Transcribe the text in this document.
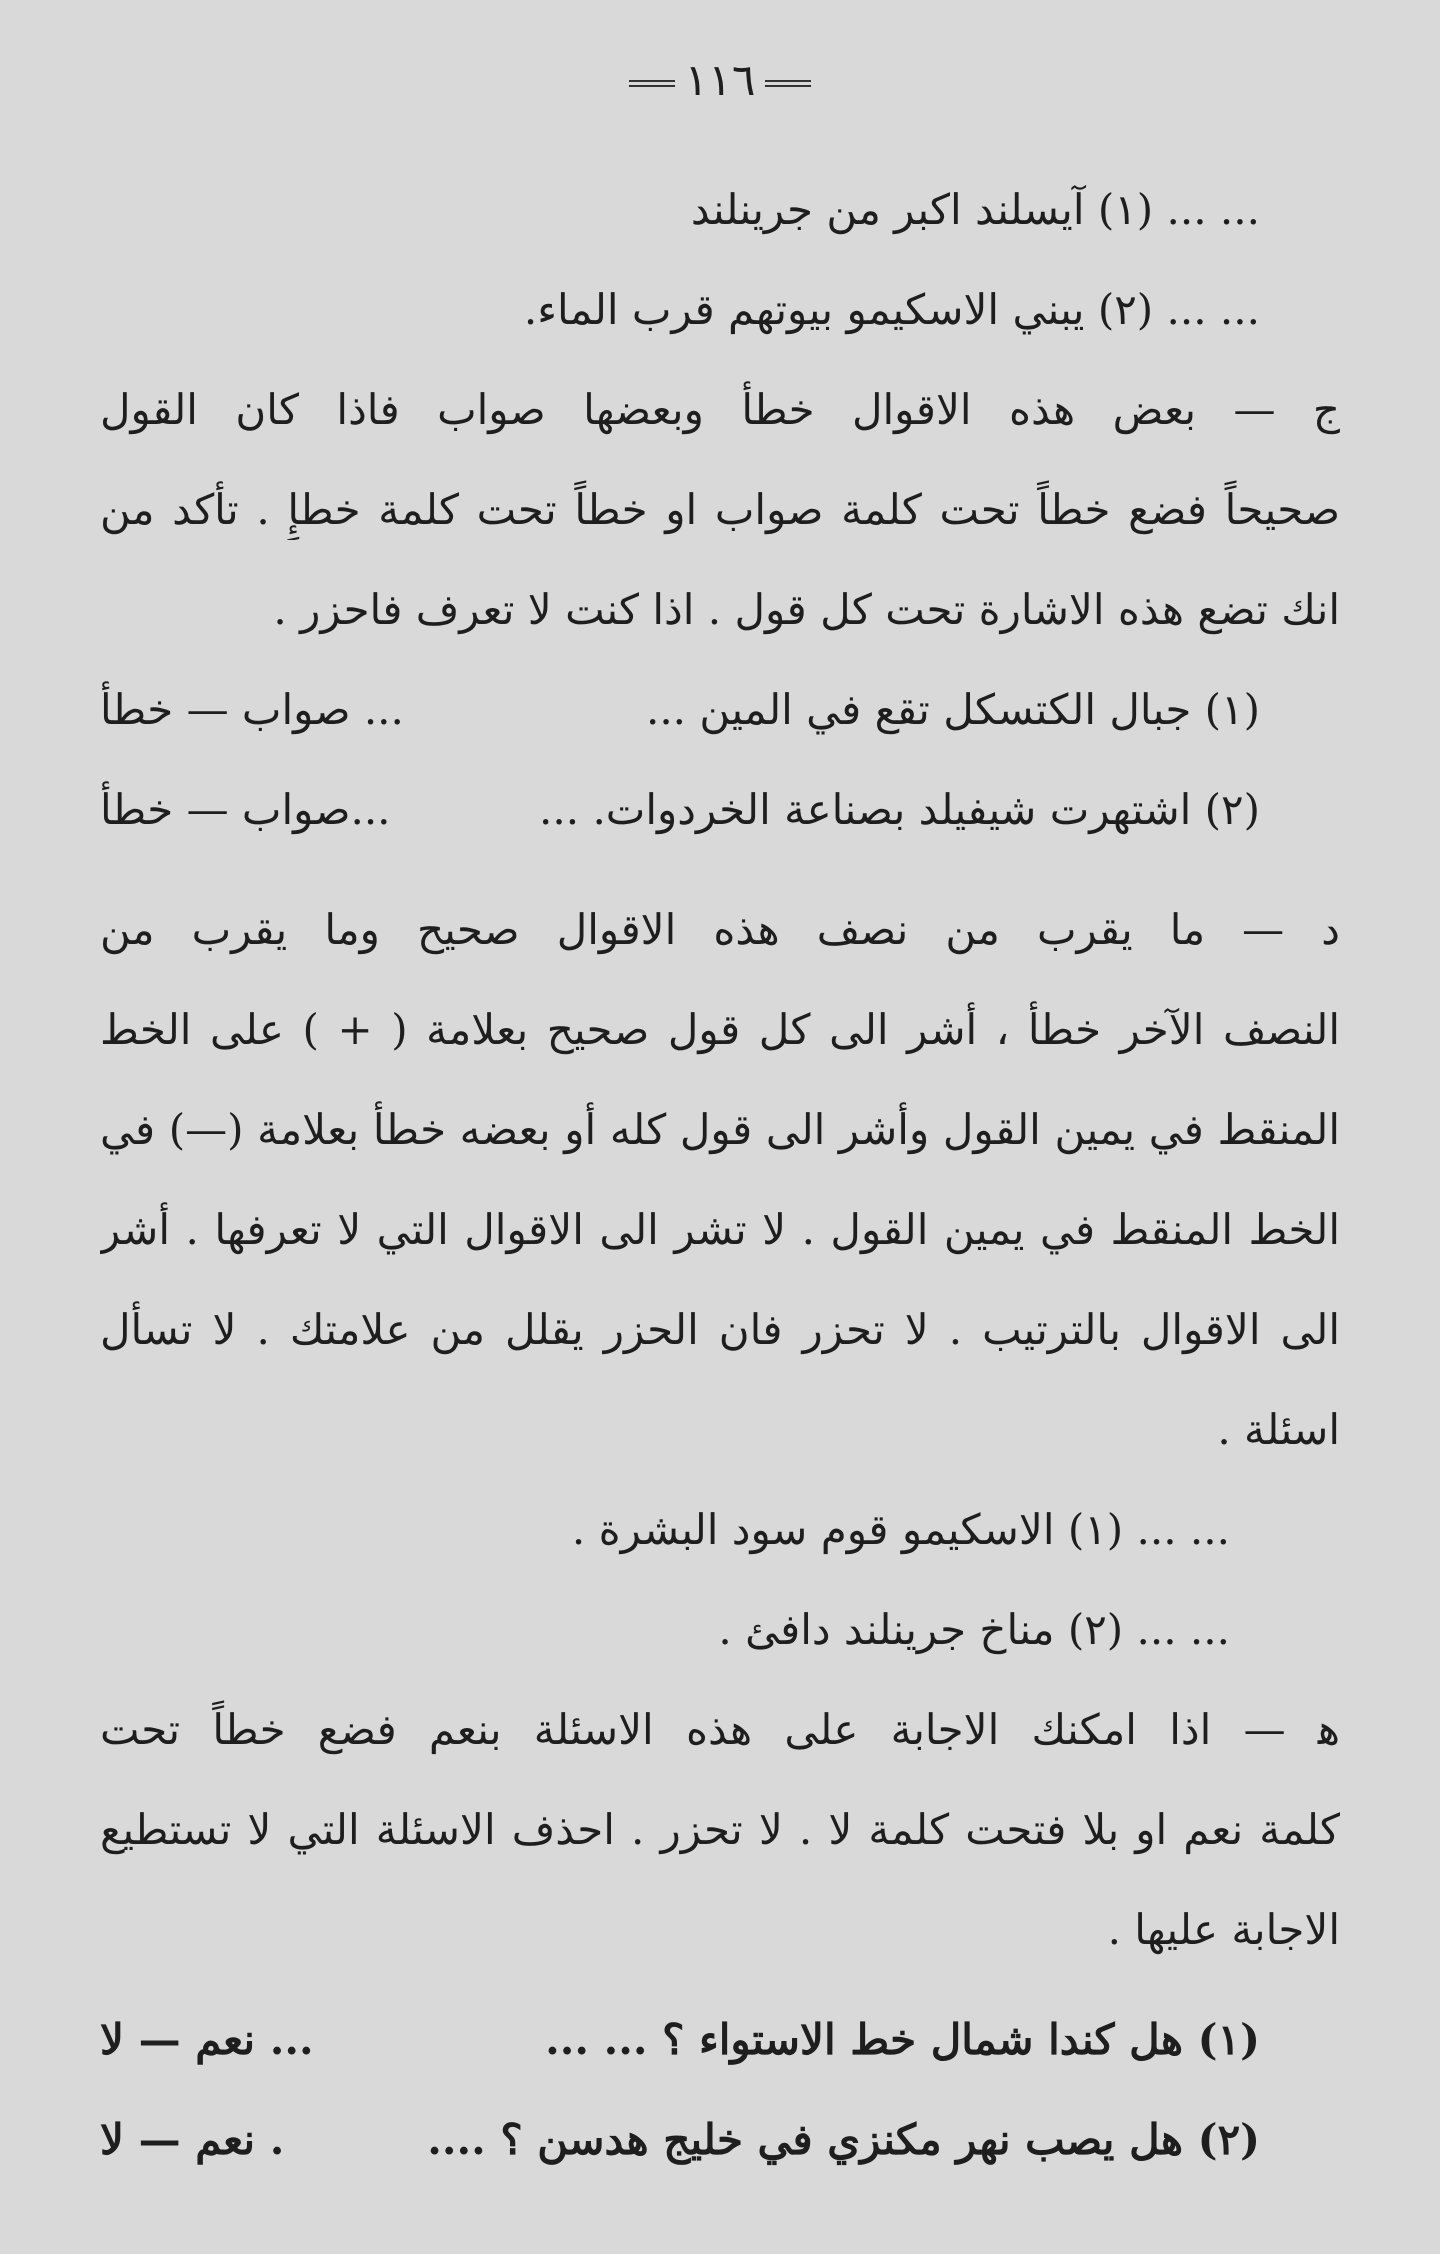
١١٦
... ... (١) آيسلند اكبر من جرينلند
... ... (٢) يبني الاسكيمو بيوتهم قرب الماء.
ج — بعض هذه الاقوال خطأ وبعضها صواب فاذا كان القول
صحيحاً فضع خطاً تحت كلمة صواب او خطاً تحت كلمة خطإٍ . تأكد من
انك تضع هذه الاشارة تحت كل قول . اذا كنت لا تعرف فاحزر .
(١) جبال الكتسكل تقع في المين ...
... صواب — خطأ
(٢) اشتهرت شيفيلد بصناعة الخردوات. ...
...صواب — خطأ
د — ما يقرب من نصف هذه الاقوال صحيح وما يقرب من
النصف الآخر خطأ ، أشر الى كل قول صحيح بعلامة ( + ) على الخط
المنقط في يمين القول وأشر الى قول كله أو بعضه خطأ بعلامة (—) في
الخط المنقط في يمين القول . لا تشر الى الاقوال التي لا تعرفها . أشر
الى الاقوال بالترتيب . لا تحزر فان الحزر يقلل من علامتك . لا تسأل
اسئلة .
... ... (١) الاسكيمو قوم سود البشرة .
... ... (٢) مناخ جرينلند دافئ .
ﻫ — اذا امكنك الاجابة على هذه الاسئلة بنعم فضع خطاً تحت
كلمة نعم او بلا فتحت كلمة لا . لا تحزر . احذف الاسئلة التي لا تستطيع
الاجابة عليها .
(١) هل كندا شمال خط الاستواء ؟ ... ...
... نعم — لا
(٢) هل يصب نهر مكنزي في خليج هدسن ؟ ....
. نعم — لا
